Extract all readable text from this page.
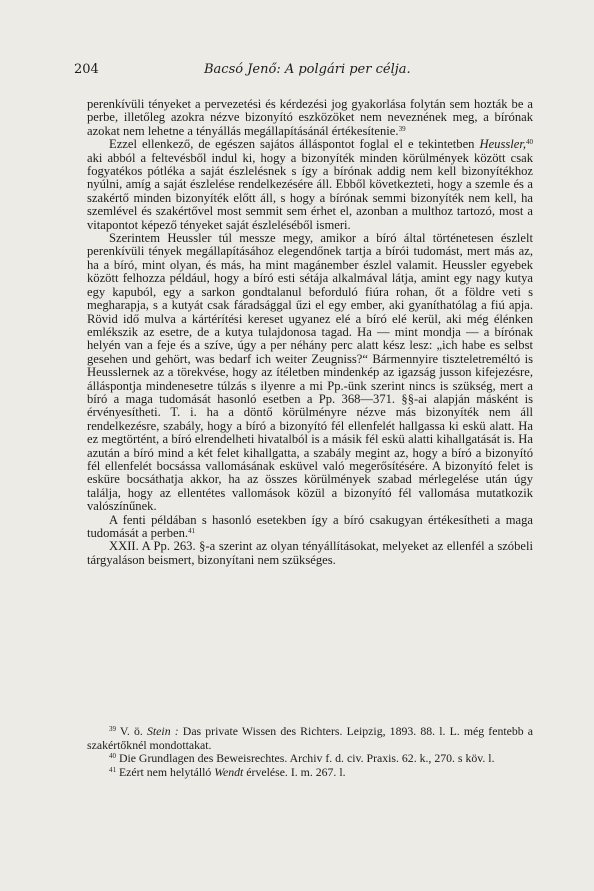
204	Bacsó Jenő: A polgári per célja.

perenkívüli tényeket a pervezetési és kérdezési jog gyakorlása folytán sem hozták be a perbe, illetőleg azokra nézve bizonyító eszközöket nem neveznének meg, a bírónak azokat nem lehetne a tényállás megállapításánál értékesítenie.$^{39}$

Ezzel ellenkező, de egészen sajátos álláspontot foglal el e tekintetben Heussler,$^{40}$ aki abból a feltevésből indul ki, hogy a bizonyíték minden körülmények között csak fogyatékos pótléka a saját észlelésnek s így a bírónak addig nem kell bizonyítékhoz nyúlni, amíg a saját észlelése rendelkezésére áll. Ebből következteti, hogy a szemle és a szakértő minden bizonyíték előtt áll, s hogy a bírónak semmi bizonyíték nem kell, ha szemlével és szakértővel most semmit sem érhet el, azonban a multhoz tartozó, most a vitapontot képező tényeket saját észleléséből ismeri.

Szerintem Heussler túl messze megy, amikor a bíró által történetesen észlelt perenkívüli tények megállapításához elegendőnek tartja a bírói tudomást, mert más az, ha a bíró, mint olyan, és más, ha mint magánember észlel valamit. Heussler egyebek között felhozza például, hogy a bíró esti sétája alkalmával látja, amint egy nagy kutya egy kapuból, egy a sarkon gondtalanul beforduló fiúra rohan, őt a földre veti s megharapja, s a kutyát csak fáradsággal űzi el egy ember, aki gyaníthatólag a fiú apja. Rövid idő mulva a kártérítési kereset ugyanez elé a bíró elé kerül, aki még élénken emlékszik az esetre, de a kutya tulajdonosa tagad. Ha — mint mondja — a bírónak helyén van a feje és a szíve, úgy a per néhány perc alatt kész lesz: „ich habe es selbst gesehen und gehört, was bedarf ich weiter Zeugniss?“ Bármennyire tiszteletreméltó is Heusslernek az a törekvése, hogy az ítéletben mindenkép az igazság jusson kifejezésre, álláspontja mindenesetre túlzás s ilyenre a mi Pp.-ünk szerint nincs is szükség, mert a bíró a maga tudomását hasonló esetben a Pp. 368—371. §§-ai alapján másként is érvényesítheti. T. i. ha a döntő körülményre nézve más bizonyíték nem áll rendelkezésre, szabály, hogy a bíró a bizonyító fél ellenfelét hallgassa ki eskü alatt. Ha ez megtörtént, a bíró elrendelheti hivatalból is a másik fél eskü alatti kihallgatását is. Ha azután a bíró mind a két felet kihallgatta, a szabály megint az, hogy a bíró a bizonyító fél ellenfelét bocsássa vallomásának esküvel való megerősítésére. A bizonyító felet is esküre bocsáthatja akkor, ha az összes körülmények szabad mérlegelése után úgy találja, hogy az ellentétes vallomások közül a bizonyító fél vallomása mutatkozik valószínűnek.

A fenti példában s hasonló esetekben így a bíró csakugyan értékesítheti a maga tudomását a perben.$^{41}$

XXII. A Pp. 263. §-a szerint az olyan tényállításokat, melyeket az ellenfél a szóbeli tárgyaláson beismert, bizonyítani nem szükséges.

$^{39}$ V. ö. Stein : Das private Wissen des Richters. Leipzig, 1893. 88. l. L. még fentebb a szakértőknél mondottakat.

$^{40}$ Die Grundlagen des Beweisrechtes. Archiv f. d. civ. Praxis. 62. k., 270. s köv. l.

$^{41}$ Ezért nem helytálló Wendt érvelése. I. m. 267. l.
